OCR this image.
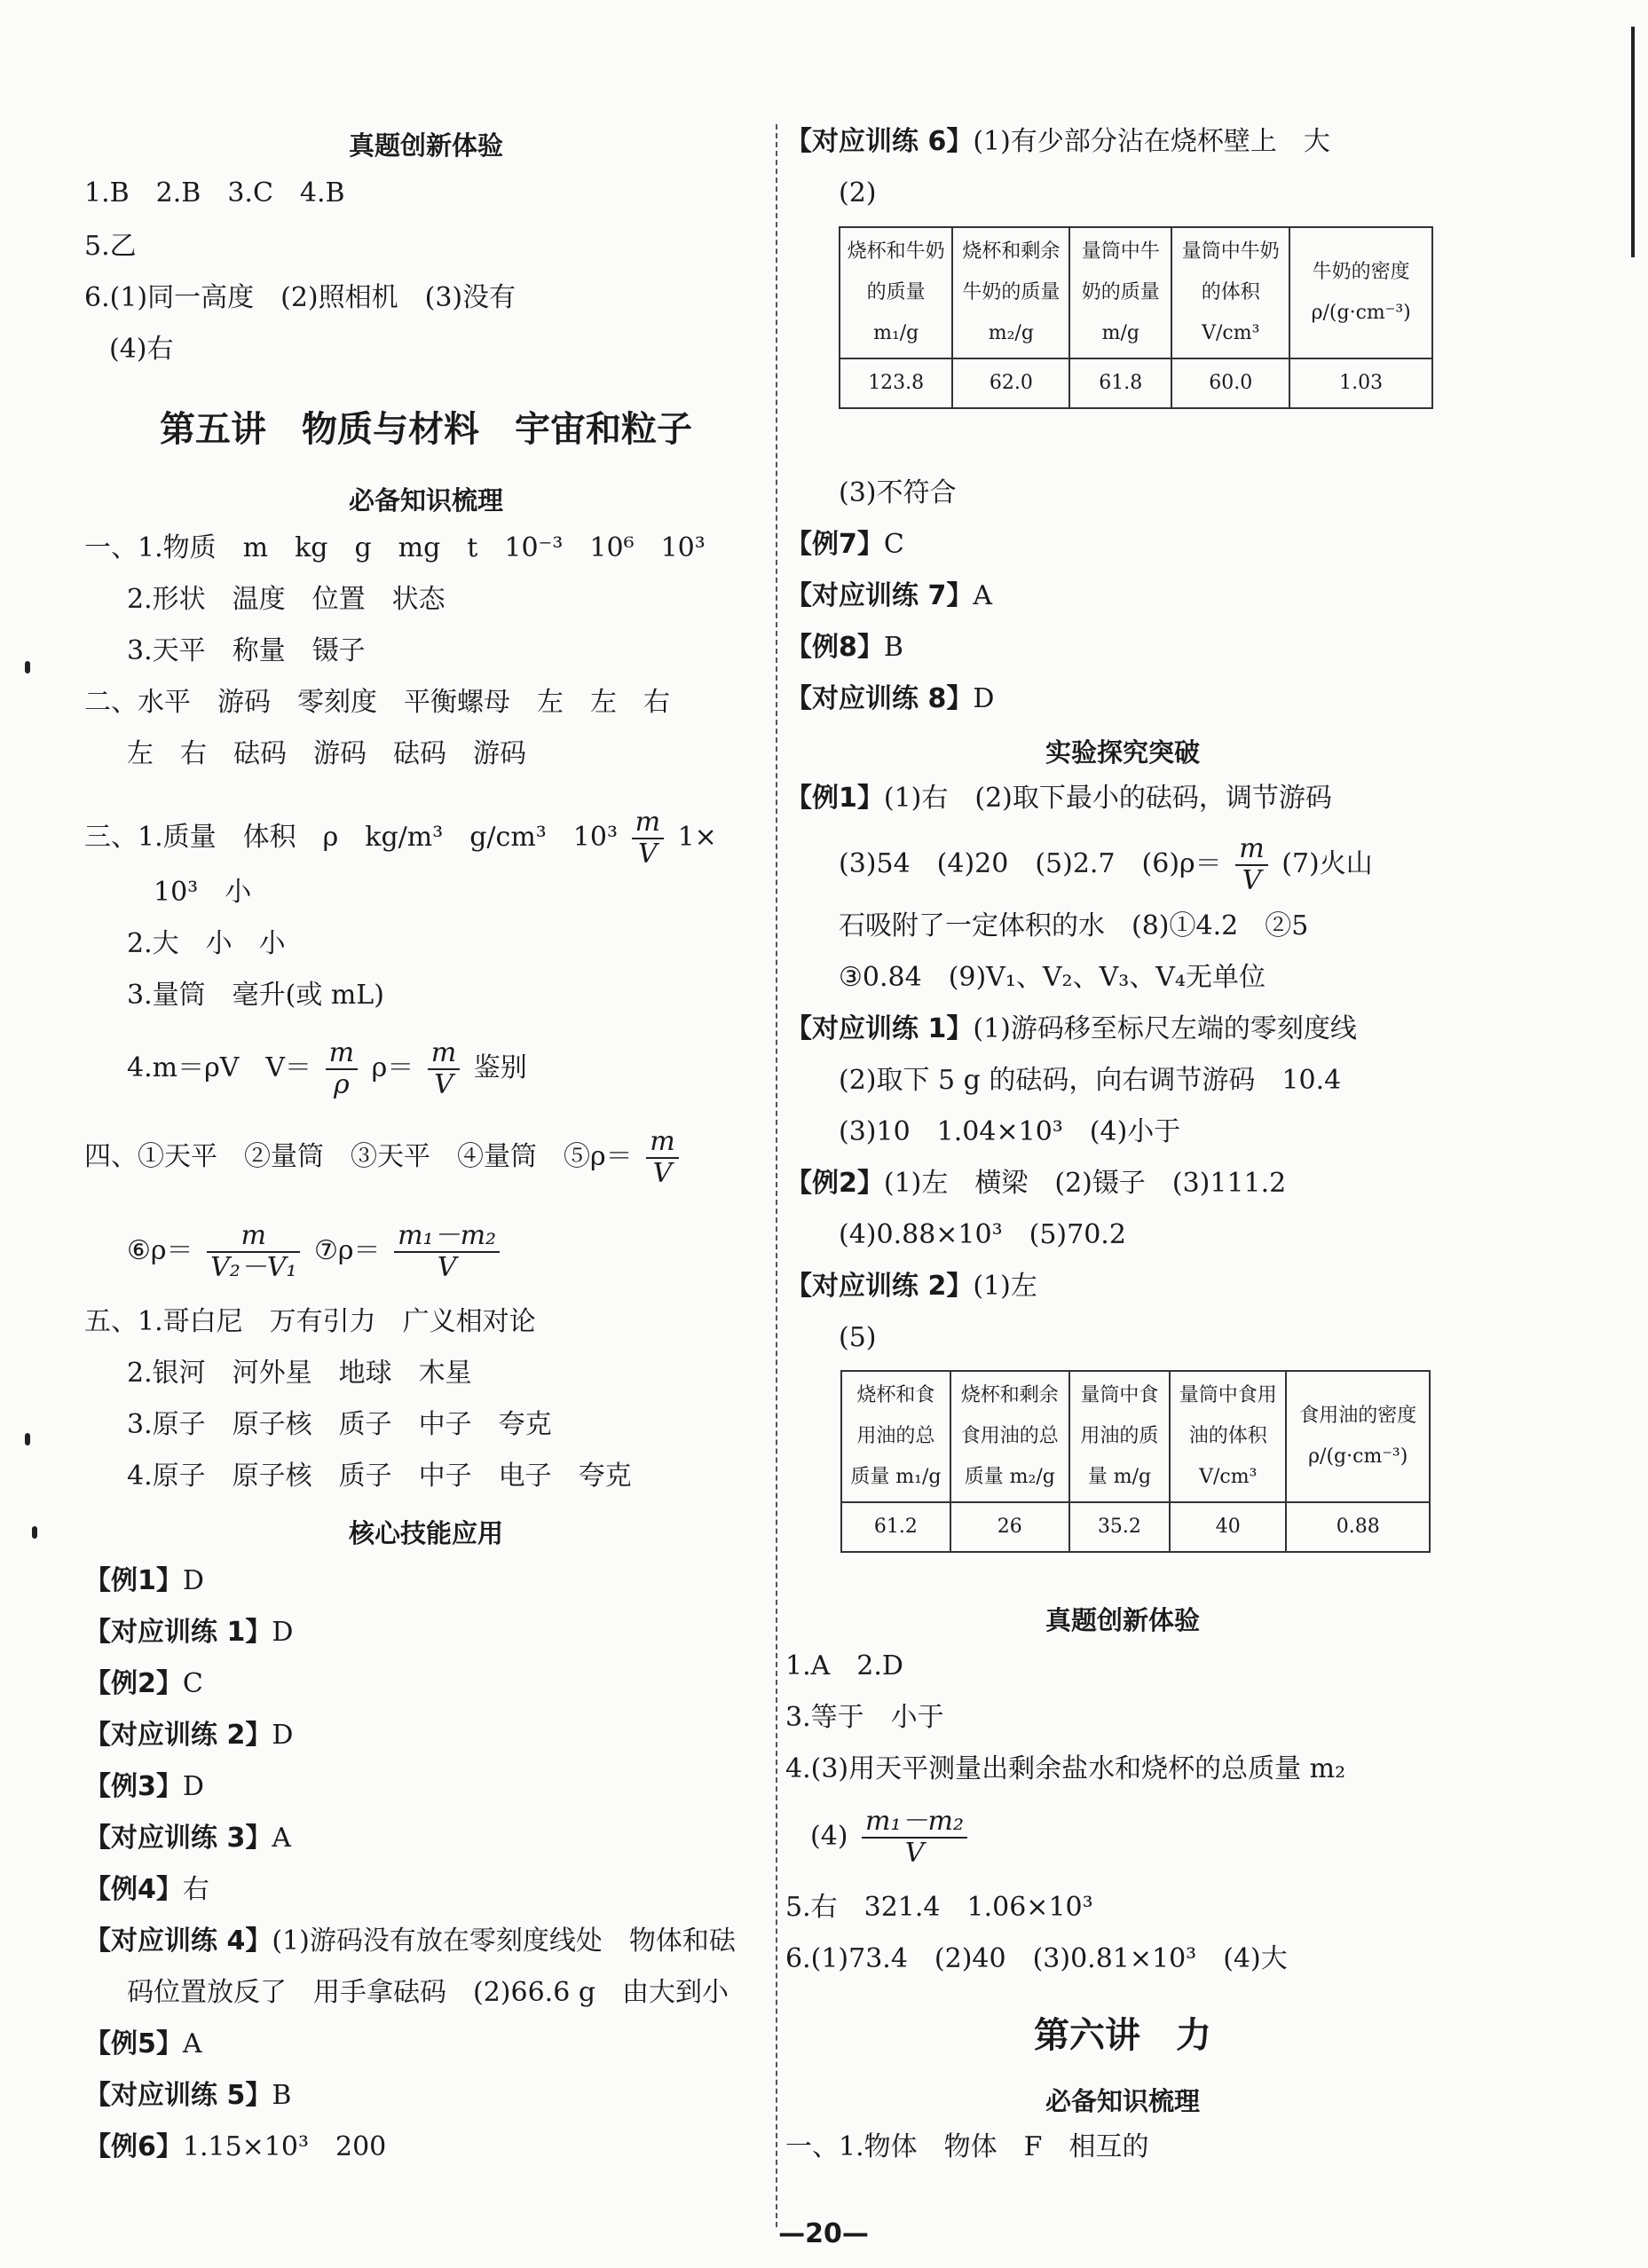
真题创新体验
1.B　2.B　3.C　4.B
5.乙
6.(1)同一高度　(2)照相机　(3)没有
(4)右
第五讲　物质与材料　宇宙和粒子
必备知识梳理
一、1.物质　m　kg　g　mg　t　10⁻³　10⁶　10³
2.形状　温度　位置　状态
3.天平　称量　镊子
二、水平　游码　零刻度　平衡螺母　左　左　右
左　右　砝码　游码　砝码　游码
三、1.质量　体积　ρ　kg/m³　g/cm³　$10^3 \frac{m}{V} 1\times$
10³　小
2.大　小　小
3.量筒　毫升(或 mL)
4.m＝ρV　$V= \frac{m}{\rho} \rho= \frac{m}{V}$ 鉴别
四、①天平　②量筒　③天平　④量筒　⑤ρ＝ $\frac{m}{V}$
⑥ρ＝ $\frac{m}{\text{V₂－V₁}}$ ⑦ρ＝ $\frac{\text{m₁－m₂}}{V}$
五、1.哥白尼　万有引力　广义相对论
2.银河　河外星　地球　木星
3.原子　原子核　质子　中子　夸克
4.原子　原子核　质子　中子　电子　夸克
核心技能应用
【例1】D
【对应训练 1】D
【例2】C
【对应训练 2】D
【例3】D
【对应训练 3】A
【例4】右
【对应训练 4】(1)游码没有放在零刻度线处　物体和砝
码位置放反了　用手拿砝码　(2)66.6 g　由大到小
【例5】A
【对应训练 5】B
【例6】1.15×10³　200
【对应训练 6】(1)有少部分沾在烧杯壁上　大
(2)
烧杯和牛奶的质量 m₁/g	烧杯和剩余牛奶的质量 m₂/g	量筒中牛奶的质量 m/g	量筒中牛奶的体积 V/cm³	牛奶的密度 ρ/(g·cm⁻³)
123.8	62.0	61.8	60.0	1.03
(3)不符合
【例7】C
【对应训练 7】A
【例8】B
【对应训练 8】D
实验探究突破
【例1】(1)右　(2)取下最小的砝码，调节游码
(3)54　(4)20　(5)2.7　$(6)\rho= \frac{m}{V} (7)$火山
石吸附了一定体积的水　(8)①4.2　②5
③0.84　(9)V₁、V₂、V₃、V₄无单位
【对应训练 1】(1)游码移至标尺左端的零刻度线
(2)取下 5 g 的砝码，向右调节游码　10.4
(3)10　1.04×10³　(4)小于
【例2】(1)左　横梁　(2)镊子　(3)111.2
(4)0.88×10³　(5)70.2
【对应训练 2】(1)左
(5)
烧杯和食用油的总质量 m₁/g	烧杯和剩余食用油的总质量 m₂/g	量筒中食用油的质量 m/g	量筒中食用油的体积 V/cm³	食用油的密度 ρ/(g·cm⁻³)
61.2	26	35.2	40	0.88
真题创新体验
1.A　2.D
3.等于　小于
4.(3)用天平测量出剩余盐水和烧杯的总质量 m₂
$(4) \frac{\text{m₁－m₂}}{V}$
5.右　321.4　1.06×10³
6.(1)73.4　(2)40　(3)0.81×10³　(4)大
第六讲　力
必备知识梳理
一、1.物体　物体　F　相互的
—20—
